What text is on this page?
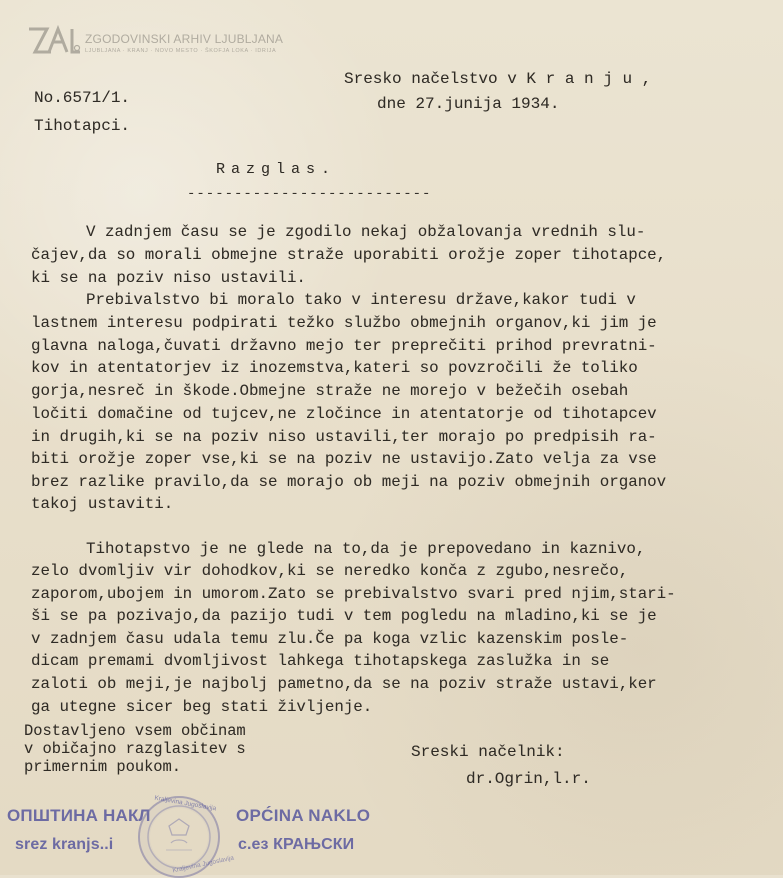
ZGODOVINSKI ARHIV LJUBLJANA
LJUBLJANA · KRANJ · NOVO MESTO · ŠKOFJA LOKA · IDRIJA
No.6571/1.
Tihotapci.
Sresko načelstvo v K r a n j u ,
dne 27.junija 1934.
Razglas.
--------------------------
V zadnjem času se je zgodilo nekaj obžalovanja vrednih slu-
čajev,da so morali obmejne straže uporabiti orožje zoper tihotapce,
ki se na poziv niso ustavili.
Prebivalstvo bi moralo tako v interesu države,kakor tudi v
lastnem interesu podpirati težko službo obmejnih organov,ki jim je
glavna naloga,čuvati državno mejo ter preprečiti prihod prevratni-
kov in atentatorjev iz inozemstva,kateri so povzročili že toliko
gorja,nesreč in škode.Obmejne straže ne morejo v bežečih osebah
ločiti domačine od tujcev,ne zločince in atentatorje od tihotapcev
in drugih,ki se na poziv niso ustavili,ter morajo po predpisih ra-
biti orožje zoper vse,ki se na poziv ne ustavijo.Zato velja za vse
brez razlike pravilo,da se morajo ob meji na poziv obmejnih organov
takoj ustaviti.
Tihotapstvo je ne glede na to,da je prepovedano in kaznivo,
zelo dvomljiv vir dohodkov,ki se neredko konča z zgubo,nesrečo,
zaporom,ubojem in umorom.Zato se prebivalstvo svari pred njim,stari-
ši se pa pozivajo,da pazijo tudi v tem pogledu na mladino,ki se je
v zadnjem času udala temu zlu.Če pa koga vzlic kazenskim posle-
dicam premami dvomljivost lahkega tihotapskega zaslužka in se
zaloti ob meji,je najbolj pametno,da se na poziv straže ustavi,ker
ga utegne sicer beg stati življenje.
Dostavljeno vsem občinam
v običajno razglasitev s
primernim poukom.
Sreski načelnik:
dr.Ogrin,l.r.
ОПШТИНА НАКЛ
srez kranjs..i
Kraljevina Jugoslavija
Kraljevina Jugoslavija
OPĆINA NAKLO
с.ез КРАЊСКИ
